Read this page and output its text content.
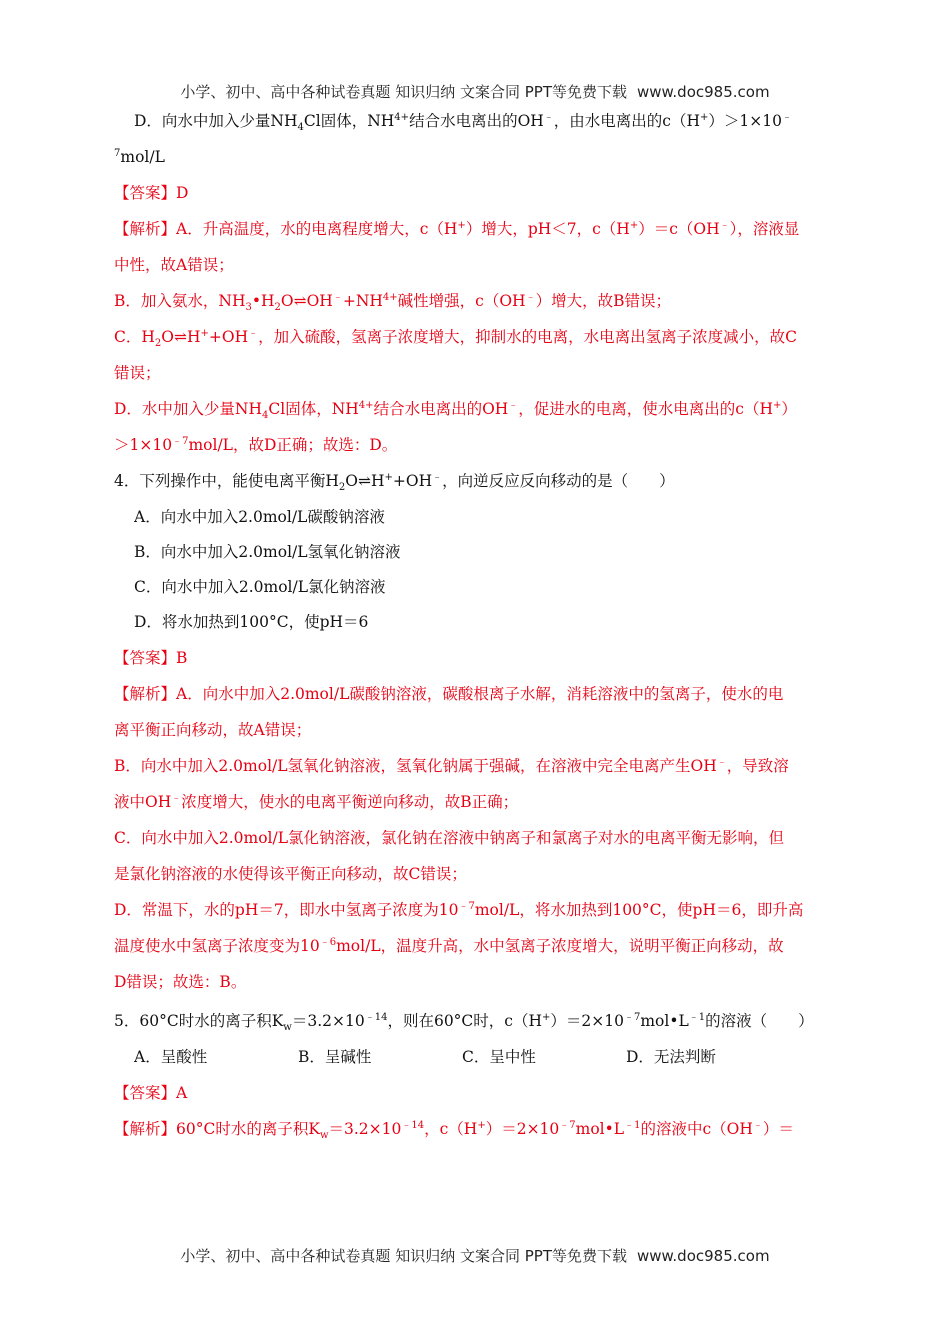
小学、初中、高中各种试卷真题 知识归纳 文案合同 PPT等免费下载 www.doc985.com
D．向水中加入少量$NH_4Cl$固体，$NH^{4+}$结合水电离出的OH﹣，由水电离出的c（H+）＞1×10﹣
$^7$mol/L
【答案】D
【解析】A．升高温度，水的电离程度增大，c（H+）增大，pH＜7，c（H+）＝c（OH﹣），溶液显
中性，故A错误；
B．加入氨水，$NH_3•H_2O\rightleftharpoons OH^﹣+NH^{4+}$碱性增强，c（OH﹣）增大，故B错误；
C．$H_2O\rightleftharpoons H^++OH^﹣$，加入硫酸，氢离子浓度增大，抑制水的电离，水电离出氢离子浓度减小，故C
错误；
D．水中加入少量$NH_4Cl$固体，$NH^{4+}$结合水电离出的OH﹣，促进水的电离，使水电离出的c（H+）
$>1\times 10^{﹣7}mol/L$，故D正确；故选：D。
4．下列操作中，能使电离平衡$H_2O\rightleftharpoons H^++OH^﹣$，向逆反应反向移动的是（　　）
A．向水中加入2.0mol/L碳酸钠溶液
B．向水中加入2.0mol/L氢氧化钠溶液
C．向水中加入2.0mol/L氯化钠溶液
D．将水加热到100°C，使pH＝6
【答案】B
【解析】A．向水中加入2.0mol/L碳酸钠溶液，碳酸根离子水解，消耗溶液中的氢离子，使水的电
离平衡正向移动，故A错误；
B．向水中加入2.0mol/L氢氧化钠溶液，氢氧化钠属于强碱，在溶液中完全电离产生OH﹣，导致溶
液中OH﹣浓度增大，使水的电离平衡逆向移动，故B正确；
C．向水中加入2.0mol/L氯化钠溶液，氯化钠在溶液中钠离子和氯离子对水的电离平衡无影响，但
是氯化钠溶液的水使得该平衡正向移动，故C错误；
D．常温下，水的pH＝7，即水中氢离子浓度为$10^{﹣7}mol/L$，将水加热到100°C，使pH＝6，即升高
温度使水中氢离子浓度变为$10^{﹣6}mol/L$，温度升高，水中氢离子浓度增大，说明平衡正向移动，故
D错误；故选：B。
5．60°C时水的离子积$K_w=3.2\times 10^{﹣14}$，则在60°C时，$c(H^+)=2\times 10^{﹣7}mol•L^{﹣1}$的溶液（　　）
A．呈酸性	B．呈碱性	C．呈中性	D．无法判断
【答案】A
【解析】60°C时水的离子积$K_w=3.2\times 10^{﹣14}$，$c(H^+)=2\times 10^{﹣7}mol•L^{﹣1}$的溶液中c（OH﹣）＝
小学、初中、高中各种试卷真题 知识归纳 文案合同 PPT等免费下载 www.doc985.com
